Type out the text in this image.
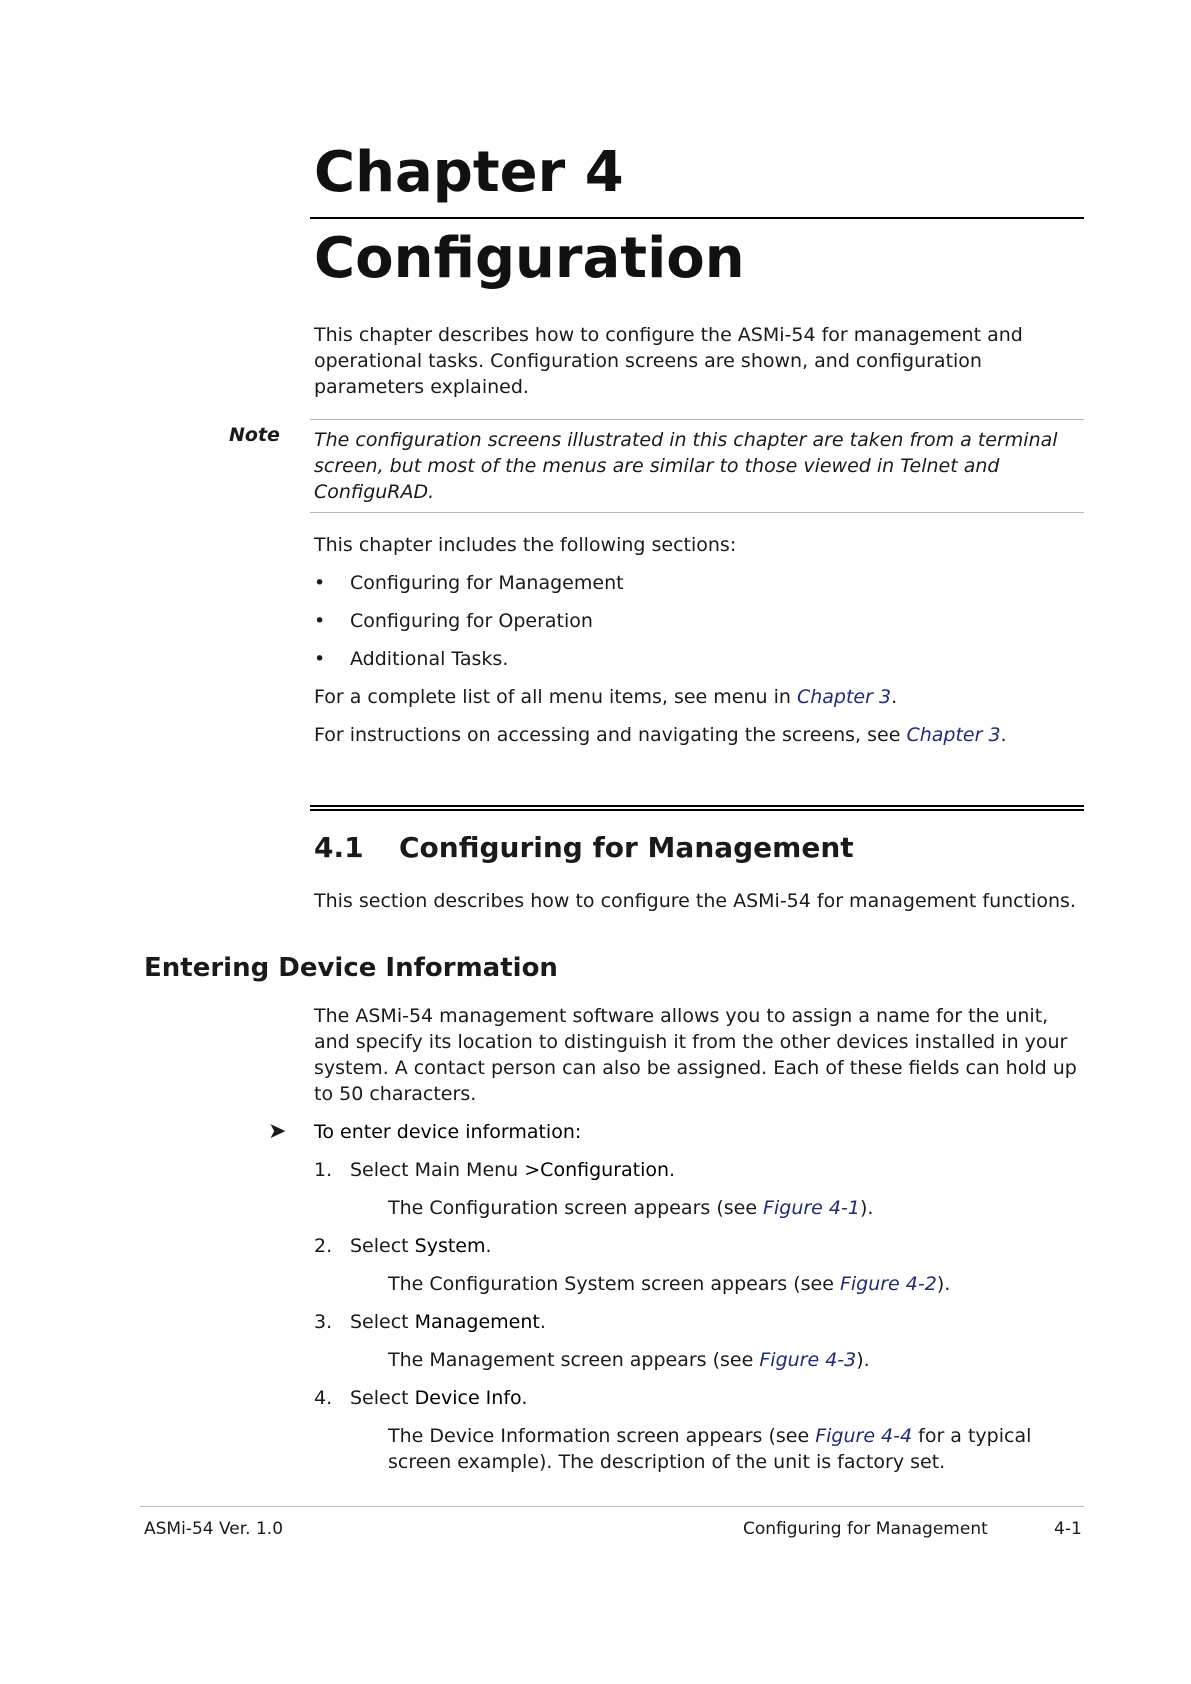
Chapter 4
Configuration
This chapter describes how to configure the ASMi-54 for management and operational tasks. Configuration screens are shown, and configuration parameters explained.
Note The configuration screens illustrated in this chapter are taken from a terminal screen, but most of the menus are similar to those viewed in Telnet and ConfiguRAD.
This chapter includes the following sections:
• Configuring for Management
• Configuring for Operation
• Additional Tasks.
For a complete list of all menu items, see menu in Chapter 3.
For instructions on accessing and navigating the screens, see Chapter 3.
4.1 Configuring for Management
This section describes how to configure the ASMi-54 for management functions.
Entering Device Information
The ASMi-54 management software allows you to assign a name for the unit, and specify its location to distinguish it from the other devices installed in your system. A contact person can also be assigned. Each of these fields can hold up to 50 characters.
➤ To enter device information:
1. Select Main Menu >Configuration.
The Configuration screen appears (see Figure 4-1).
2. Select System.
The Configuration System screen appears (see Figure 4-2).
3. Select Management.
The Management screen appears (see Figure 4-3).
4. Select Device Info.
The Device Information screen appears (see Figure 4-4 for a typical screen example). The description of the unit is factory set.
ASMi-54 Ver. 1.0	Configuring for Management	4-1
